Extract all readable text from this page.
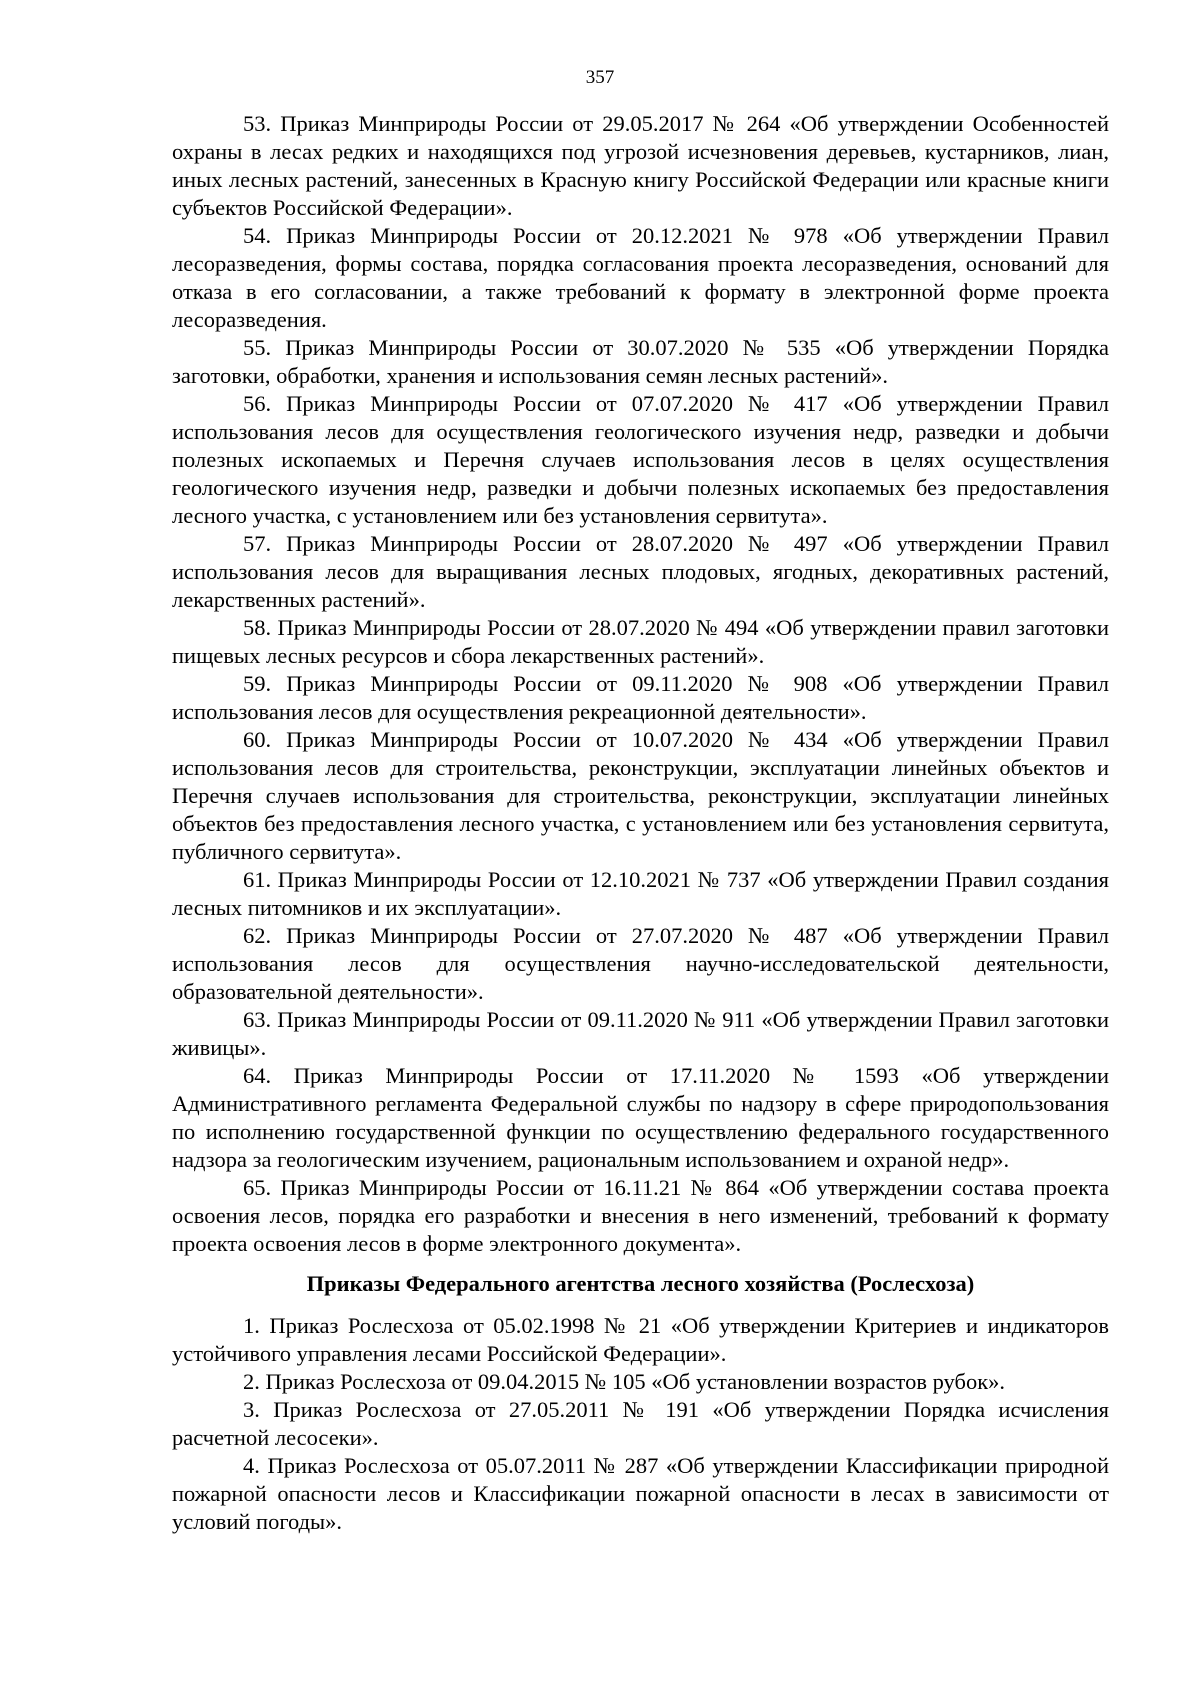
357

53. Приказ Минприроды России от 29.05.2017 № 264 «Об утверждении Особенностей охраны в лесах редких и находящихся под угрозой исчезновения деревьев, кустарников, лиан, иных лесных растений, занесенных в Красную книгу Российской Федерации или красные книги субъектов Российской Федерации».

54. Приказ Минприроды России от 20.12.2021 № 978 «Об утверждении Правил лесоразведения, формы состава, порядка согласования проекта лесоразведения, оснований для отказа в его согласовании, а также требований к формату в электронной форме проекта лесоразведения.

55. Приказ Минприроды России от 30.07.2020 № 535 «Об утверждении Порядка заготовки, обработки, хранения и использования семян лесных растений».

56. Приказ Минприроды России от 07.07.2020 № 417 «Об утверждении Правил использования лесов для осуществления геологического изучения недр, разведки и добычи полезных ископаемых и Перечня случаев использования лесов в целях осуществления геологического изучения недр, разведки и добычи полезных ископаемых без предоставления лесного участка, с установлением или без установления сервитута».

57. Приказ Минприроды России от 28.07.2020 № 497 «Об утверждении Правил использования лесов для выращивания лесных плодовых, ягодных, декоративных растений, лекарственных растений».

58. Приказ Минприроды России от 28.07.2020 № 494 «Об утверждении правил заготовки пищевых лесных ресурсов и сбора лекарственных растений».

59. Приказ Минприроды России от 09.11.2020 № 908 «Об утверждении Правил использования лесов для осуществления рекреационной деятельности».

60. Приказ Минприроды России от 10.07.2020 № 434 «Об утверждении Правил использования лесов для строительства, реконструкции, эксплуатации линейных объектов и Перечня случаев использования для строительства, реконструкции, эксплуатации линейных объектов без предоставления лесного участка, с установлением или без установления сервитута, публичного сервитута».

61. Приказ Минприроды России от 12.10.2021 № 737 «Об утверждении Правил создания лесных питомников и их эксплуатации».

62. Приказ Минприроды России от 27.07.2020 № 487 «Об утверждении Правил использования лесов для осуществления научно-исследовательской деятельности, образовательной деятельности».

63. Приказ Минприроды России от 09.11.2020 № 911 «Об утверждении Правил заготовки живицы».

64. Приказ Минприроды России от 17.11.2020 № 1593 «Об утверждении Административного регламента Федеральной службы по надзору в сфере природопользования по исполнению государственной функции по осуществлению федерального государственного надзора за геологическим изучением, рациональным использованием и охраной недр».

65. Приказ Минприроды России от 16.11.21 № 864 «Об утверждении состава проекта освоения лесов, порядка его разработки и внесения в него изменений, требований к формату проекта освоения лесов в форме электронного документа».

Приказы Федерального агентства лесного хозяйства (Рослесхоза)

1. Приказ Рослесхоза от 05.02.1998 № 21 «Об утверждении Критериев и индикаторов устойчивого управления лесами Российской Федерации».

2. Приказ Рослесхоза от 09.04.2015 № 105 «Об установлении возрастов рубок».

3. Приказ Рослесхоза от 27.05.2011 № 191 «Об утверждении Порядка исчисления расчетной лесосеки».

4. Приказ Рослесхоза от 05.07.2011 № 287 «Об утверждении Классификации природной пожарной опасности лесов и Классификации пожарной опасности в лесах в зависимости от условий погоды».
